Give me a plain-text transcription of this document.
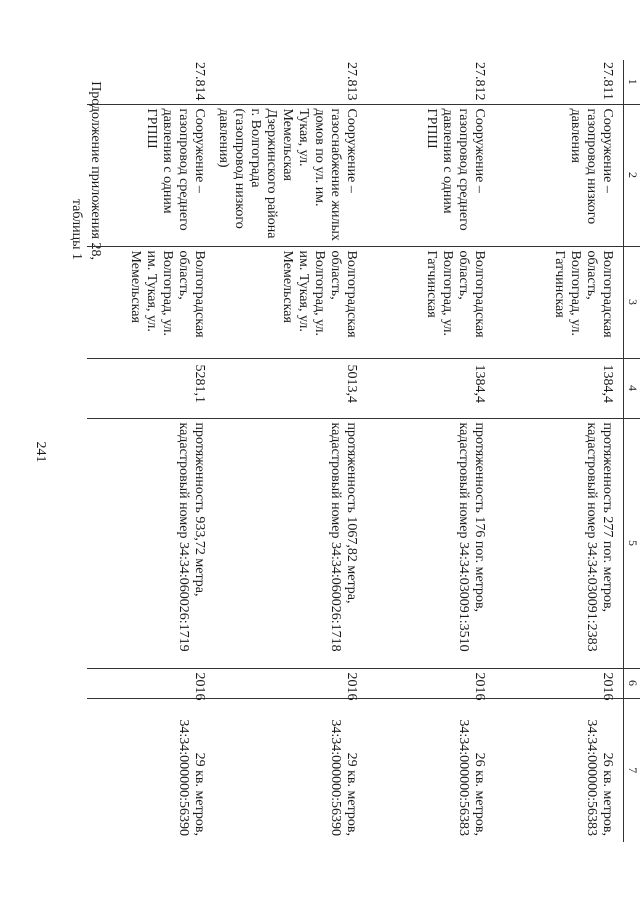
241
Продолжение приложения 28,
таблицы 1
1	2	3	4	5	6	7
27.811	Сооружение – газопровод низкого давления	Волгоградская область, Волгоград, ул. Гатчинская	1384,4	протяженность 277 пог. метров, кадастровый номер 34:34:030091:2383	2016	26 кв. метров, 34:34:000000:56383
27.812	Сооружение – газопровод среднего давления с одним ГРПШ	Волгоградская область, Волгоград, ул. Гатчинская	1384,4	протяженность 176 пог. метров, кадастровый номер 34:34:030091:3510	2016	26 кв. метров, 34:34:000000:56383
27.813	Сооружение – газоснабжение жилых домов по ул. им. Тукая, ул. Мемельская Дзержинского района г. Волгограда (газопровод низкого давления)	Волгоградская область, Волгоград, ул. им. Тукая, ул. Мемельская	5013,4	протяженность 1067,82 метра, кадастровый номер 34:34:060026:1718	2016	29 кв. метров, 34:34:000000:56390
27.814	Сооружение – газопровод среднего давления с одним ГРПШ	Волгоградская область, Волгоград, ул. им. Тукая, ул. Мемельская	5281,1	протяженность 933,72 метра, кадастровый номер 34:34:060026:1719	2016	29 кв. метров, 34:34:000000:56390
